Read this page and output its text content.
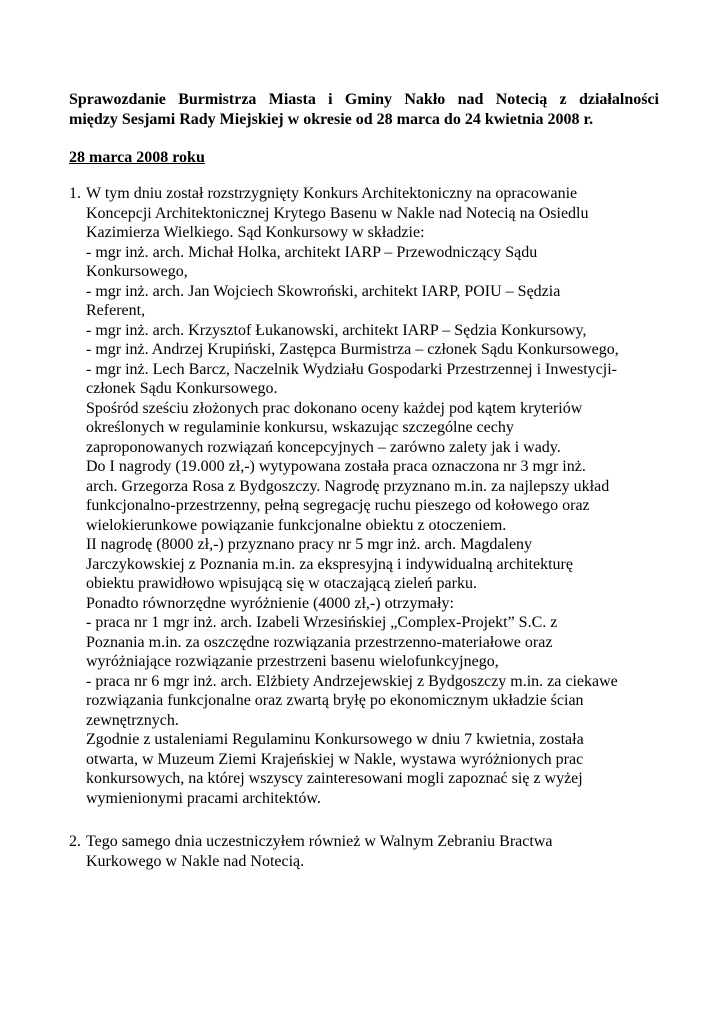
Sprawozdanie Burmistrza Miasta i Gminy Nakło nad Notecią z działalności
między Sesjami Rady Miejskiej w okresie od 28 marca do 24 kwietnia 2008 r.
28 marca 2008 roku
1. W tym dniu został rozstrzygnięty Konkurs Architektoniczny na opracowanie
Koncepcji Architektonicznej Krytego Basenu w Nakle nad Notecią na Osiedlu
Kazimierza Wielkiego. Sąd Konkursowy w składzie:
- mgr inż. arch. Michał Holka, architekt IARP – Przewodniczący Sądu
Konkursowego,
- mgr inż. arch. Jan Wojciech Skowroński, architekt IARP, POIU – Sędzia
Referent,
- mgr inż. arch. Krzysztof Łukanowski, architekt IARP – Sędzia Konkursowy,
- mgr inż. Andrzej Krupiński, Zastępca Burmistrza – członek Sądu Konkursowego,
- mgr inż. Lech Barcz, Naczelnik Wydziału Gospodarki Przestrzennej i Inwestycji-
członek Sądu Konkursowego.
Spośród sześciu złożonych prac dokonano oceny każdej pod kątem kryteriów
określonych w regulaminie konkursu, wskazując szczególne cechy
zaproponowanych rozwiązań koncepcyjnych – zarówno zalety jak i wady.
Do I nagrody (19.000 zł,-) wytypowana została praca oznaczona nr 3 mgr inż.
arch. Grzegorza Rosa z Bydgoszczy. Nagrodę przyznano m.in. za najlepszy układ
funkcjonalno-przestrzenny, pełną segregację ruchu pieszego od kołowego oraz
wielokierunkowe powiązanie funkcjonalne obiektu z otoczeniem.
II nagrodę (8000 zł,-) przyznano pracy nr 5 mgr inż. arch. Magdaleny
Jarczykowskiej z Poznania m.in. za ekspresyjną i indywidualną architekturę
obiektu prawidłowo wpisującą się w otaczającą zieleń parku.
Ponadto równorzędne wyróżnienie (4000 zł,-) otrzymały:
- praca nr 1 mgr inż. arch. Izabeli Wrzesińskiej „Complex-Projekt” S.C. z
Poznania m.in. za oszczędne rozwiązania przestrzenno-materiałowe oraz
wyróżniające rozwiązanie przestrzeni basenu wielofunkcyjnego,
- praca nr 6 mgr inż. arch. Elżbiety Andrzejewskiej z Bydgoszczy m.in. za ciekawe
rozwiązania funkcjonalne oraz zwartą bryłę po ekonomicznym układzie ścian
zewnętrznych.
Zgodnie z ustaleniami Regulaminu Konkursowego w dniu 7 kwietnia, została
otwarta, w Muzeum Ziemi Krajeńskiej w Nakle, wystawa wyróżnionych prac
konkursowych, na której wszyscy zainteresowani mogli zapoznać się z wyżej
wymienionymi pracami architektów.
2. Tego samego dnia uczestniczyłem również w Walnym Zebraniu Bractwa
Kurkowego w Nakle nad Notecią.
